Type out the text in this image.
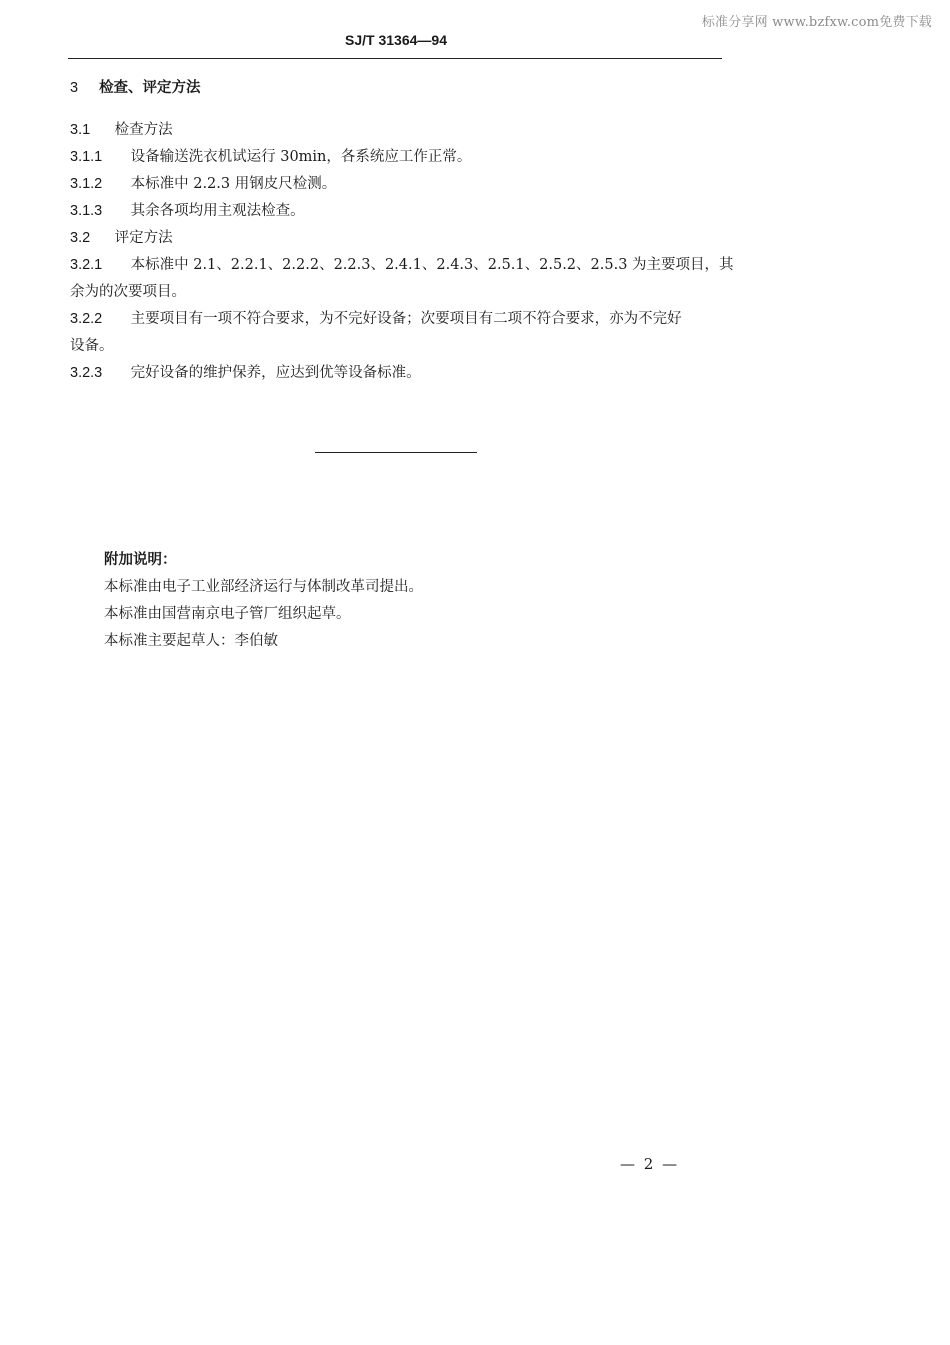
标准分享网 www.bzfxw.com免费下载
SJ/T 31364—94
3 检查、评定方法
3.1 检查方法
3.1.1 设备输送洗衣机试运行 30min，各系统应工作正常。
3.1.2 本标准中 2.2.3 用钢皮尺检测。
3.1.3 其余各项均用主观法检查。
3.2 评定方法
3.2.1 本标准中 2.1、2.2.1、2.2.2、2.2.3、2.4.1、2.4.3、2.5.1、2.5.2、2.5.3 为主要项目，其
余为的次要项目。
3.2.2 主要项目有一项不符合要求，为不完好设备；次要项目有二项不符合要求，亦为不完好
设备。
3.2.3 完好设备的维护保养，应达到优等设备标准。
附加说明：
本标准由电子工业部经济运行与体制改革司提出。
本标准由国营南京电子管厂组织起草。
本标准主要起草人：李伯敏
— 2 —
